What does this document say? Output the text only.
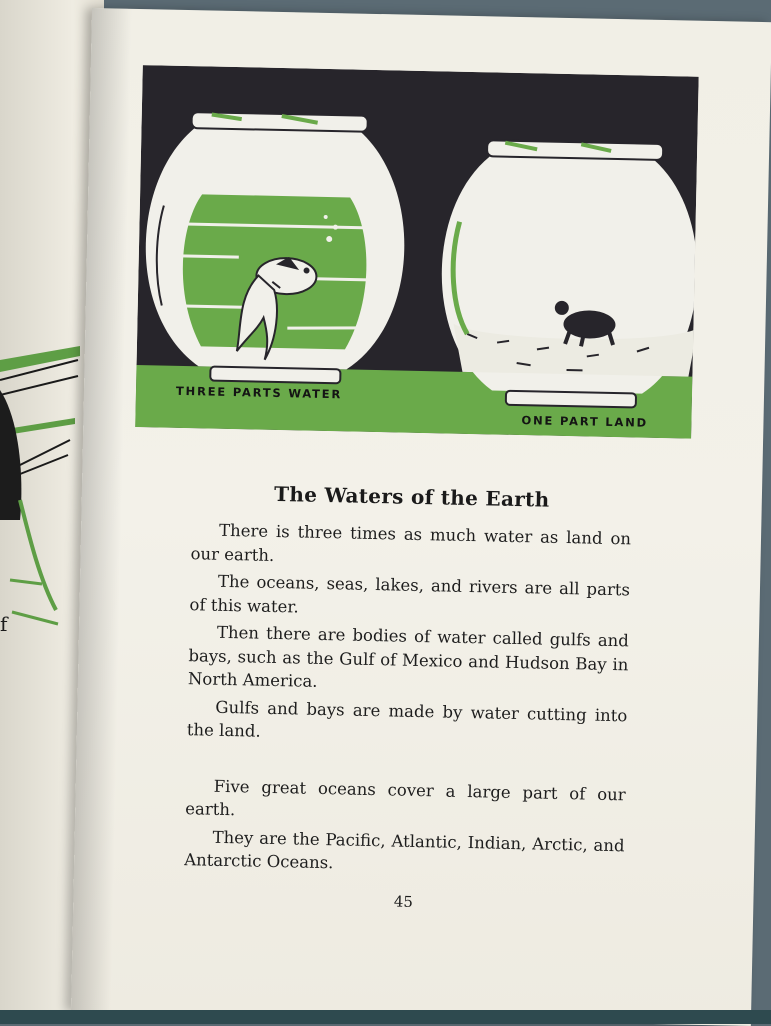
f
THREE PARTS WATER
ONE PART LAND
The Waters of the Earth

There is three times as much water as land on our earth.

The oceans, seas, lakes, and rivers are all parts of this water.

Then there are bodies of water called gulfs and bays, such as the Gulf of Mexico and Hudson Bay in North America.

Gulfs and bays are made by water cutting into the land.

Five great oceans cover a large part of our earth.

They are the Pacific, Atlantic, Indian, Arctic, and Antarctic Oceans.

45
